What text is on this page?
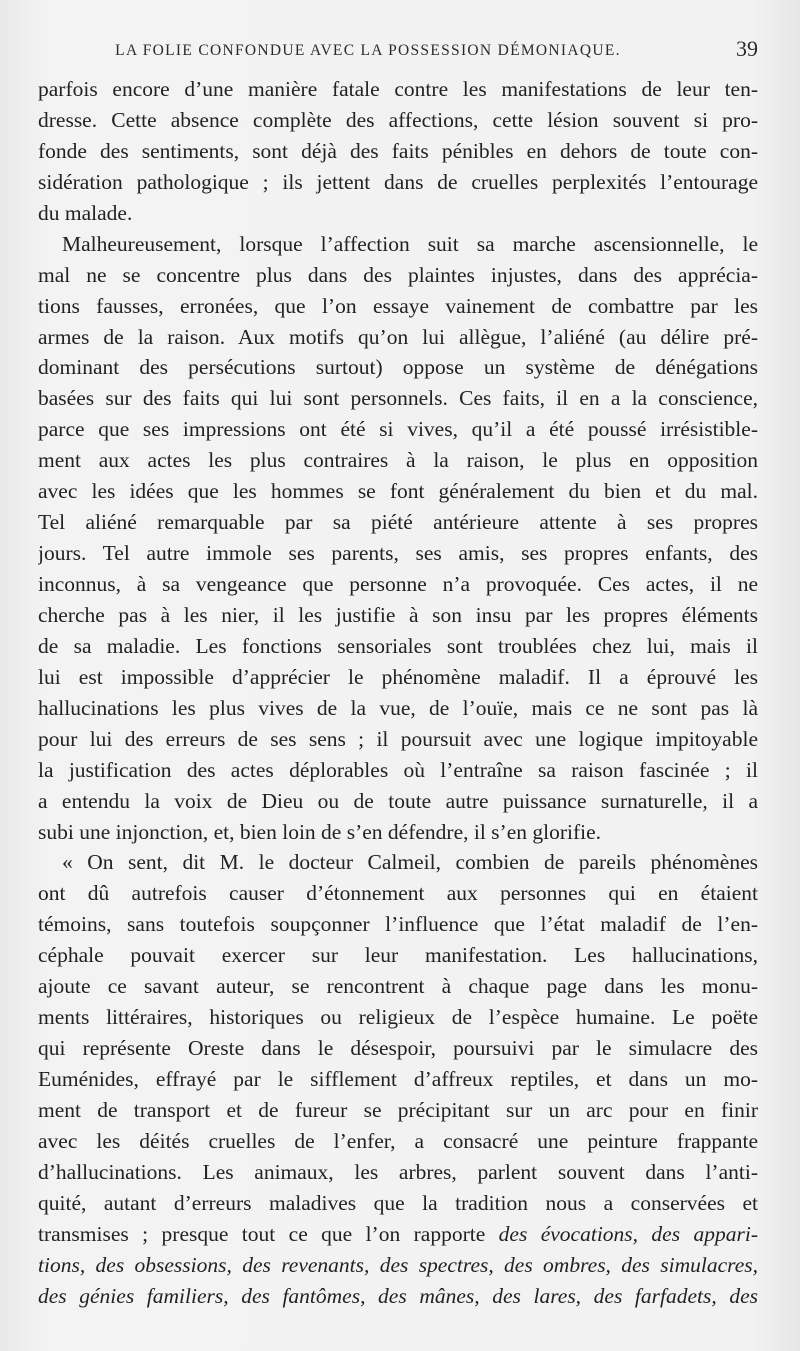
LA FOLIE CONFONDUE AVEC LA POSSESSION DÉMONIAQUE.	39
parfois encore d’une manière fatale contre les manifestations de leur ten-
dresse. Cette absence complète des affections, cette lésion souvent si pro-
fonde des sentiments, sont déjà des faits pénibles en dehors de toute con-
sidération pathologique ; ils jettent dans de cruelles perplexités l’entourage
du malade.
Malheureusement, lorsque l’affection suit sa marche ascensionnelle, le
mal ne se concentre plus dans des plaintes injustes, dans des apprécia-
tions fausses, erronées, que l’on essaye vainement de combattre par les
armes de la raison. Aux motifs qu’on lui allègue, l’aliéné (au délire pré-
dominant des persécutions surtout) oppose un système de dénégations
basées sur des faits qui lui sont personnels. Ces faits, il en a la conscience,
parce que ses impressions ont été si vives, qu’il a été poussé irrésistible-
ment aux actes les plus contraires à la raison, le plus en opposition
avec les idées que les hommes se font généralement du bien et du mal.
Tel aliéné remarquable par sa piété antérieure attente à ses propres
jours. Tel autre immole ses parents, ses amis, ses propres enfants, des
inconnus, à sa vengeance que personne n’a provoquée. Ces actes, il ne
cherche pas à les nier, il les justifie à son insu par les propres éléments
de sa maladie. Les fonctions sensoriales sont troublées chez lui, mais il
lui est impossible d’apprécier le phénomène maladif. Il a éprouvé les
hallucinations les plus vives de la vue, de l’ouïe, mais ce ne sont pas là
pour lui des erreurs de ses sens ; il poursuit avec une logique impitoyable
la justification des actes déplorables où l’entraîne sa raison fascinée ; il
a entendu la voix de Dieu ou de toute autre puissance surnaturelle, il a
subi une injonction, et, bien loin de s’en défendre, il s’en glorifie.
« On sent, dit M. le docteur Calmeil, combien de pareils phénomènes
ont dû autrefois causer d’étonnement aux personnes qui en étaient
témoins, sans toutefois soupçonner l’influence que l’état maladif de l’en-
céphale pouvait exercer sur leur manifestation. Les hallucinations,
ajoute ce savant auteur, se rencontrent à chaque page dans les monu-
ments littéraires, historiques ou religieux de l’espèce humaine. Le poëte
qui représente Oreste dans le désespoir, poursuivi par le simulacre des
Euménides, effrayé par le sifflement d’affreux reptiles, et dans un mo-
ment de transport et de fureur se précipitant sur un arc pour en finir
avec les déités cruelles de l’enfer, a consacré une peinture frappante
d’hallucinations. Les animaux, les arbres, parlent souvent dans l’anti-
quité, autant d’erreurs maladives que la tradition nous a conservées et
transmises ; presque tout ce que l’on rapporte des évocations, des appari-
tions, des obsessions, des revenants, des spectres, des ombres, des simulacres,
des génies familiers, des fantômes, des mânes, des lares, des farfadets, des
